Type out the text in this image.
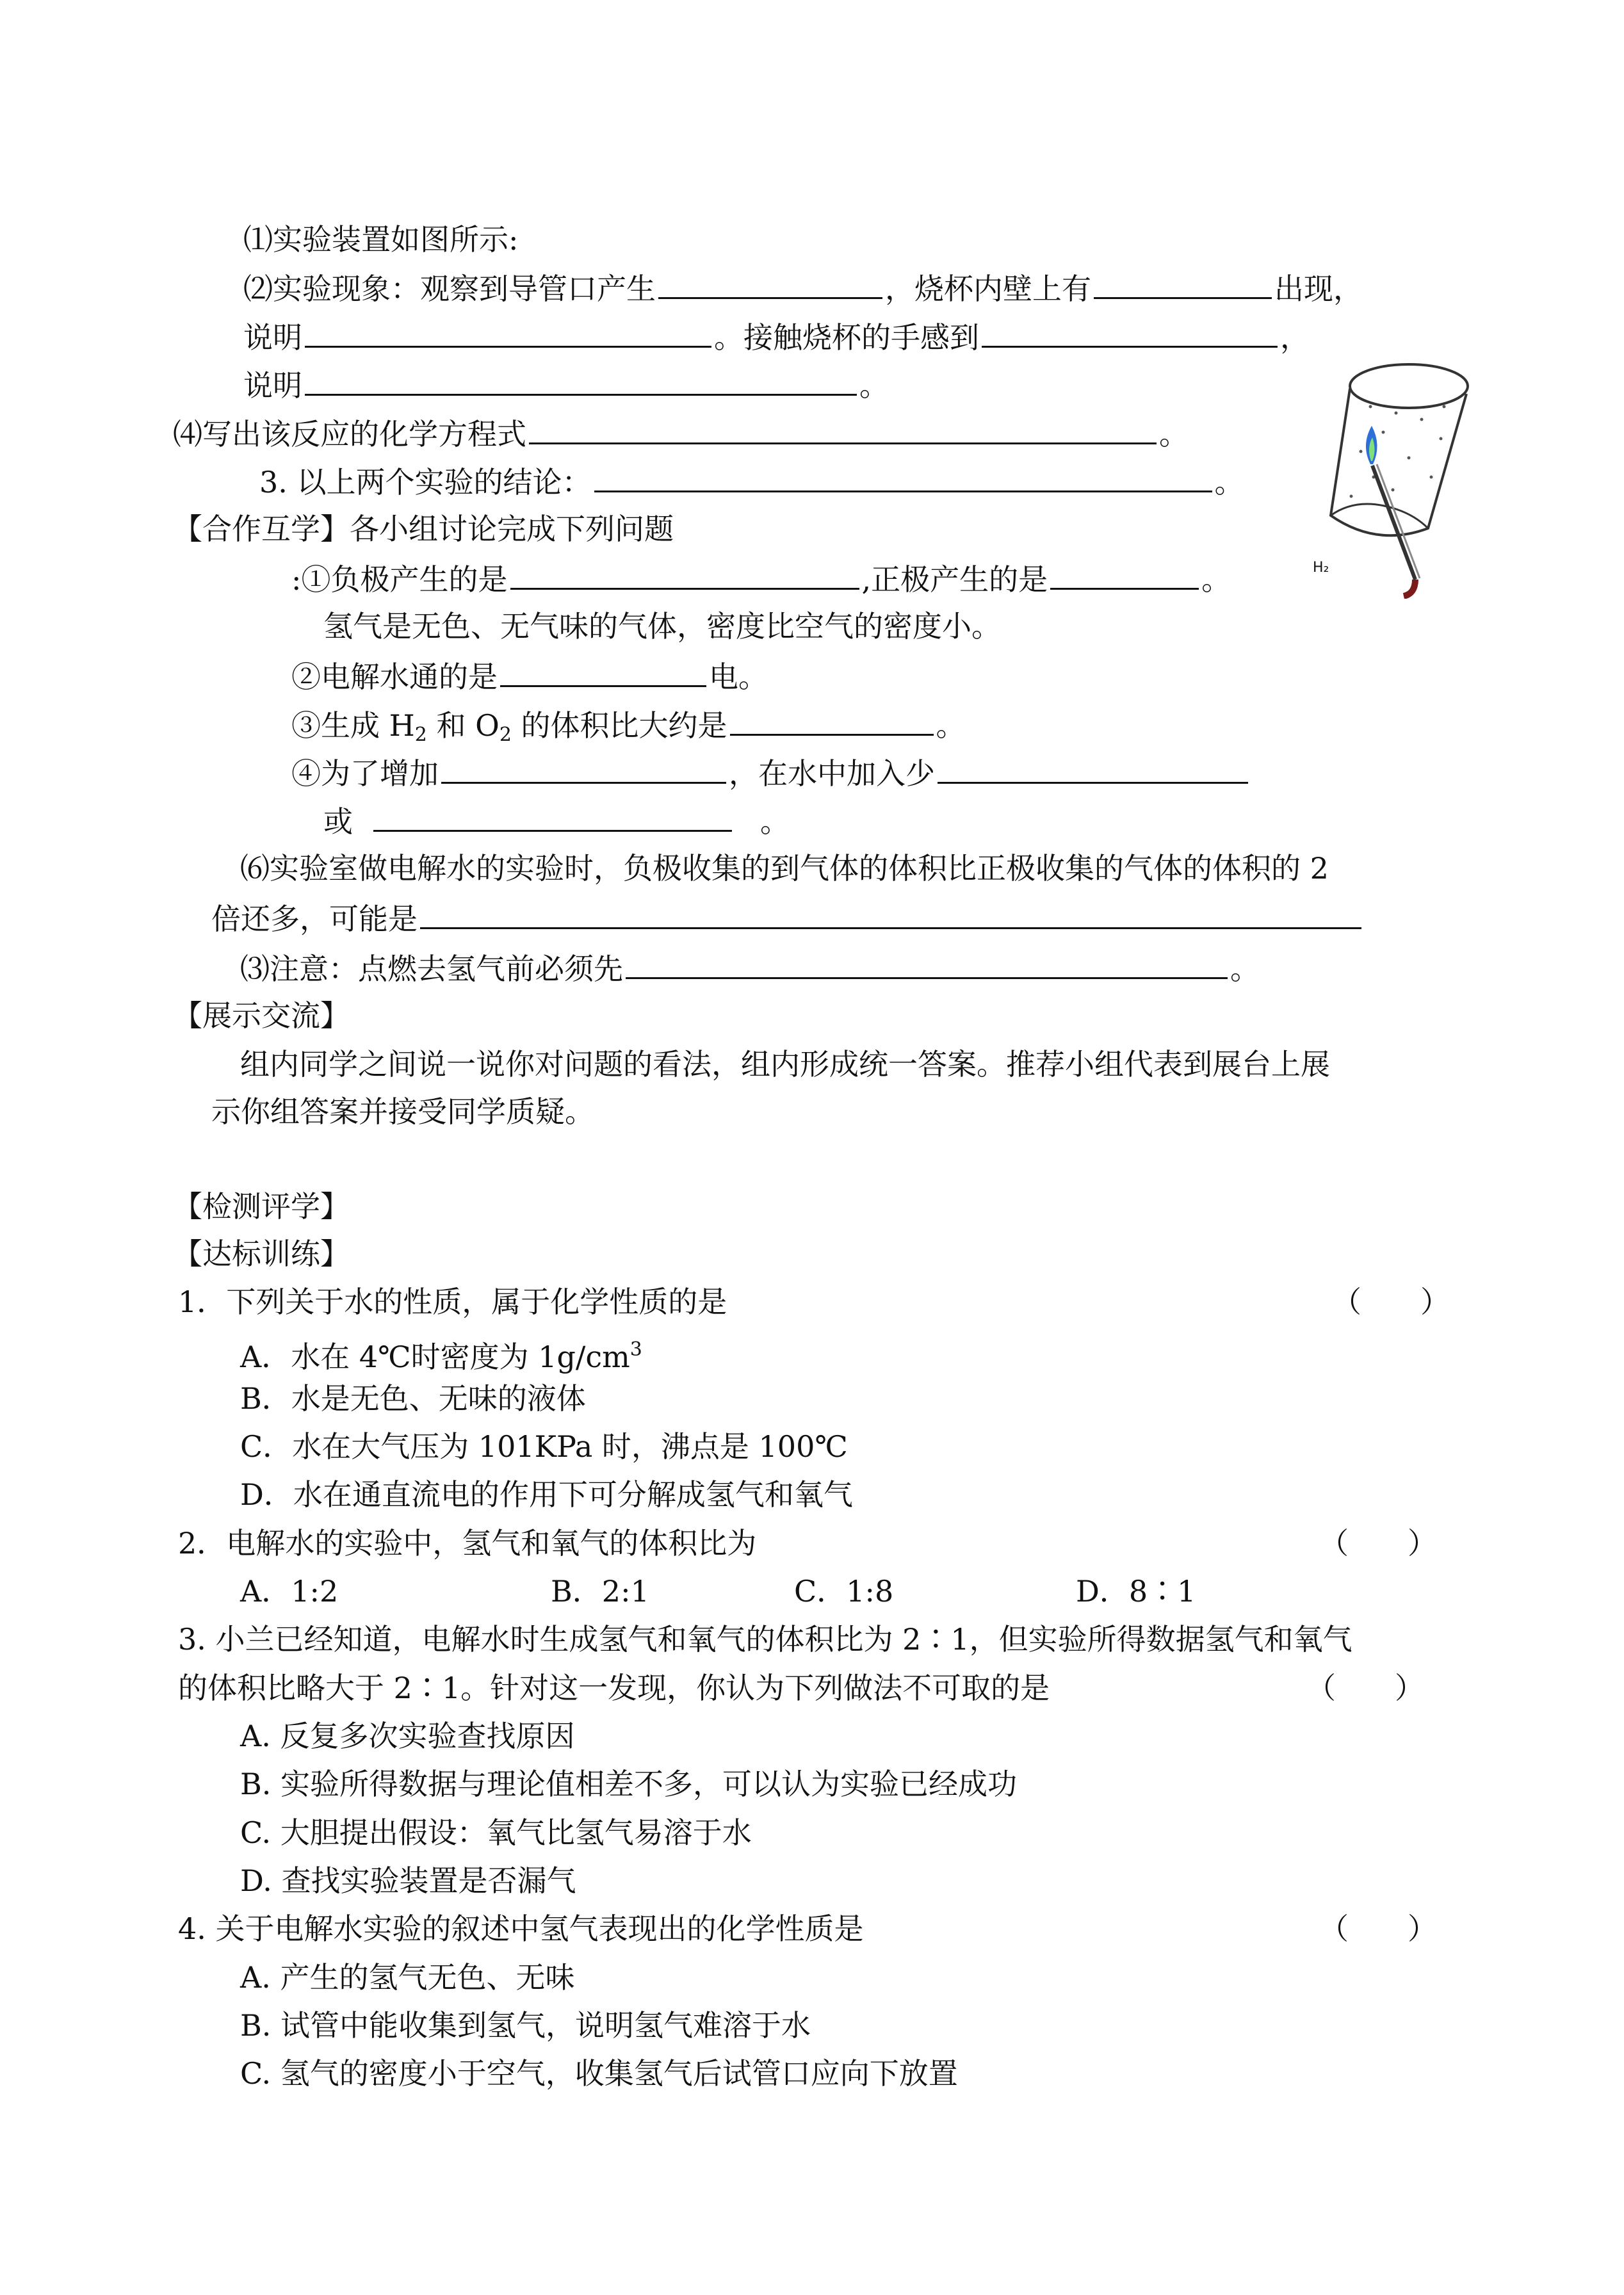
⑴实验装置如图所示:
⑵实验现象：观察到导管口产生	，烧杯内壁上有	出现，
说明	。接触烧杯的手感到	，
说明	。
⑷写出该反应的化学方程式	。
3. 以上两个实验的结论：	。
H₂
【合作互学】各小组讨论完成下列问题
:①负极产生的是	,正极产生的是	。
氢气是无色、无气味的气体，密度比空气的密度小。
②电解水通的是	电。
③生成 $H_2$ 和 $O_2$ 的体积比大约是	。
④为了增加	，在水中加入少
或	。
⑹实验室做电解水的实验时，负极收集的到气体的体积比正极收集的气体的体积的 2
倍还多，可能是
⑶注意：点燃去氢气前必须先	。
【展示交流】
组内同学之间说一说你对问题的看法，组内形成统一答案。推荐小组代表到展台上展
示你组答案并接受同学质疑。
【检测评学】
【达标训练】
1．下列关于水的性质，属于化学性质的是	（　　）
A．水在 4℃时密度为 $1g/cm^3$
B．水是无色、无味的液体
C．水在大气压为 101KPa 时，沸点是 100℃
D．水在通直流电的作用下可分解成氢气和氧气
2．电解水的实验中，氢气和氧气的体积比为	（　　）
A．1:2	B．2:1	C．1:8	D．8∶1
3. 小兰已经知道，电解水时生成氢气和氧气的体积比为 2∶1，但实验所得数据氢气和氧气
的体积比略大于 2∶1。针对这一发现，你认为下列做法不可取的是	（　　）
A. 反复多次实验查找原因
B. 实验所得数据与理论值相差不多，可以认为实验已经成功
C. 大胆提出假设：氧气比氢气易溶于水
D. 查找实验装置是否漏气
4. 关于电解水实验的叙述中氢气表现出的化学性质是	（　　）
A. 产生的氢气无色、无味
B. 试管中能收集到氢气，说明氢气难溶于水
C. 氢气的密度小于空气，收集氢气后试管口应向下放置
